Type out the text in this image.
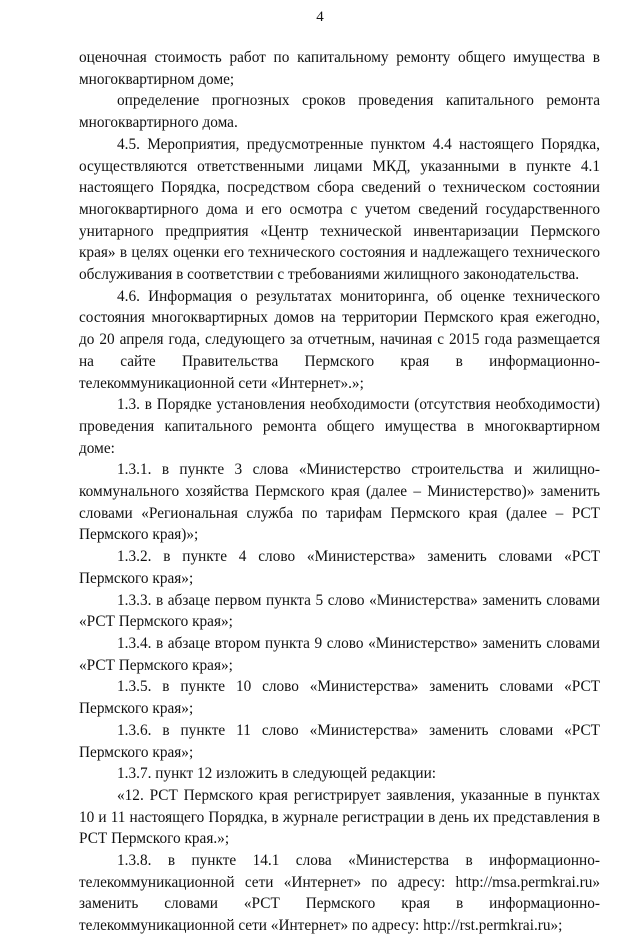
4

оценочная стоимость работ по капитальному ремонту общего имущества в многоквартирном доме;

определение прогнозных сроков проведения капитального ремонта многоквартирного дома.

4.5. Мероприятия, предусмотренные пунктом 4.4 настоящего Порядка, осуществляются ответственными лицами МКД, указанными в пункте 4.1 настоящего Порядка, посредством сбора сведений о техническом состоянии многоквартирного дома и его осмотра с учетом сведений государственного унитарного предприятия «Центр технической инвентаризации Пермского края» в целях оценки его технического состояния и надлежащего технического обслуживания в соответствии с требованиями жилищного законодательства.

4.6. Информация о результатах мониторинга, об оценке технического состояния многоквартирных домов на территории Пермского края ежегодно, до 20 апреля года, следующего за отчетным, начиная с 2015 года размещается на сайте Правительства Пермского края в информационно-телекоммуникационной сети «Интернет».»;

1.3. в Порядке установления необходимости (отсутствия необходимости) проведения капитального ремонта общего имущества в многоквартирном доме:

1.3.1. в пункте 3 слова «Министерство строительства и жилищно-коммунального хозяйства Пермского края (далее – Министерство)» заменить словами «Региональная служба по тарифам Пермского края (далее – РСТ Пермского края)»;

1.3.2. в пункте 4 слово «Министерства» заменить словами «РСТ Пермского края»;

1.3.3. в абзаце первом пункта 5 слово «Министерства» заменить словами «РСТ Пермского края»;

1.3.4. в абзаце втором пункта 9 слово «Министерство» заменить словами «РСТ Пермского края»;

1.3.5. в пункте 10 слово «Министерства» заменить словами «РСТ Пермского края»;

1.3.6. в пункте 11 слово «Министерства» заменить словами «РСТ Пермского края»;

1.3.7. пункт 12 изложить в следующей редакции:

«12. РСТ Пермского края регистрирует заявления, указанные в пунктах 10 и 11 настоящего Порядка, в журнале регистрации в день их представления в РСТ Пермского края.»;

1.3.8. в пункте 14.1 слова «Министерства в информационно-телекоммуникационной сети «Интернет» по адресу: http://msa.permkrai.ru» заменить словами «РСТ Пермского края в информационно-телекоммуникационной сети «Интернет» по адресу: http://rst.permkrai.ru»;
